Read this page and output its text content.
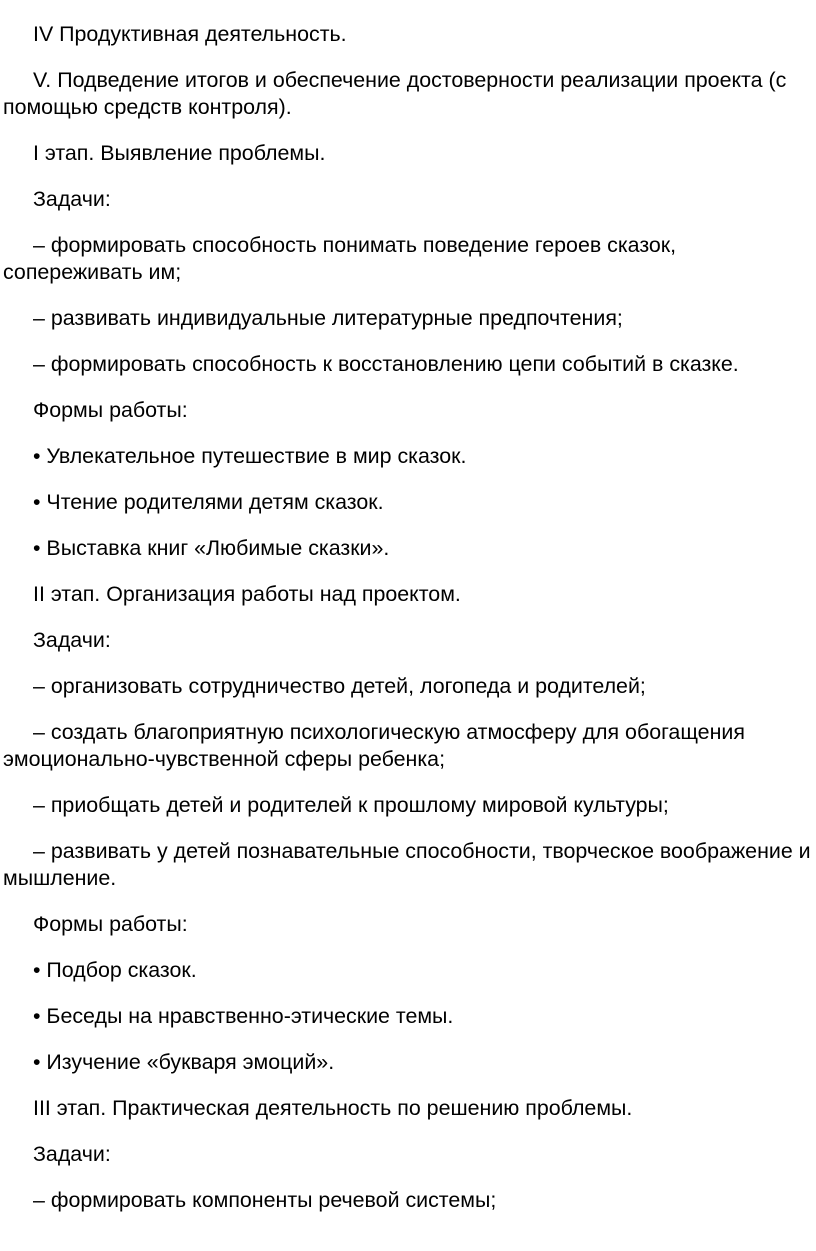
IV Продуктивная деятельность.

V. Подведение итогов и обеспечение достоверности реализации проекта (с помощью средств контроля).

I этап. Выявление проблемы.

Задачи:

– формировать способность понимать поведение героев сказок, сопереживать им;

– развивать индивидуальные литературные предпочтения;

– формировать способность к восстановлению цепи событий в сказке.

Формы работы:

• Увлекательное путешествие в мир сказок.

• Чтение родителями детям сказок.

• Выставка книг «Любимые сказки».

II этап. Организация работы над проектом.

Задачи:

– организовать сотрудничество детей, логопеда и родителей;

– создать благоприятную психологическую атмосферу для обогащения эмоционально-чувственной сферы ребенка;

– приобщать детей и родителей к прошлому мировой культуры;

– развивать у детей познавательные способности, творческое воображение и мышление.

Формы работы:

• Подбор сказок.

• Беседы на нравственно-этические темы.

• Изучение «букваря эмоций».

III этап. Практическая деятельность по решению проблемы.

Задачи:

– формировать компоненты речевой системы;
